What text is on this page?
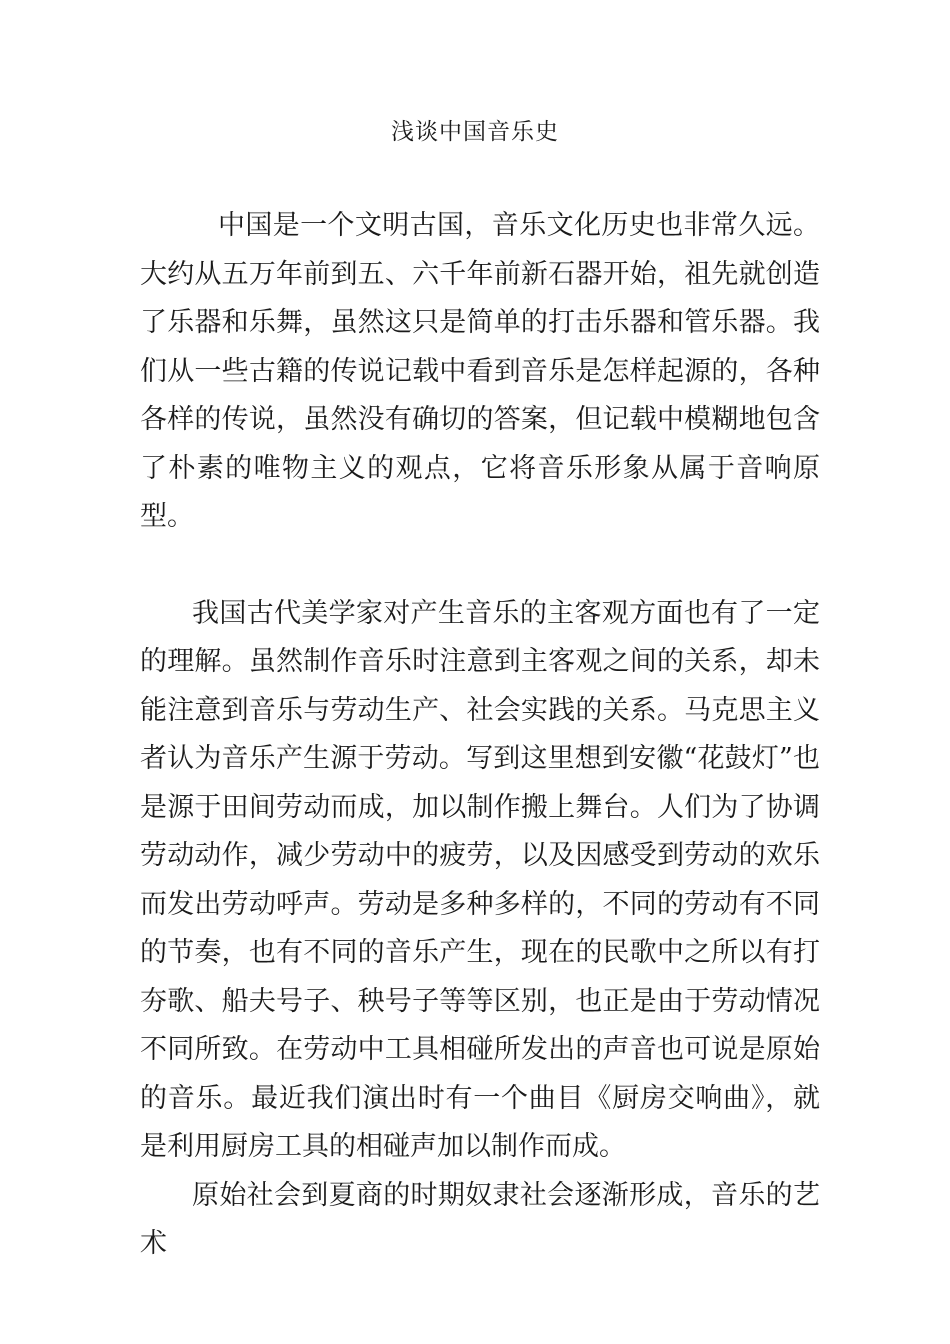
浅谈中国音乐史

中国是一个文明古国，音乐文化历史也非常久远。大约从五万年前到五、六千年前新石器开始，祖先就创造了乐器和乐舞，虽然这只是简单的打击乐器和管乐器。我们从一些古籍的传说记载中看到音乐是怎样起源的，各种各样的传说，虽然没有确切的答案，但记载中模糊地包含了朴素的唯物主义的观点，它将音乐形象从属于音响原型。

我国古代美学家对产生音乐的主客观方面也有了一定的理解。虽然制作音乐时注意到主客观之间的关系，却未能注意到音乐与劳动生产、社会实践的关系。马克思主义者认为音乐产生源于劳动。写到这里想到安徽“花鼓灯”也是源于田间劳动而成，加以制作搬上舞台。人们为了协调劳动动作，减少劳动中的疲劳，以及因感受到劳动的欢乐而发出劳动呼声。劳动是多种多样的，不同的劳动有不同的节奏，也有不同的音乐产生，现在的民歌中之所以有打夯歌、船夫号子、秧号子等等区别，也正是由于劳动情况不同所致。在劳动中工具相碰所发出的声音也可说是原始的音乐。最近我们演出时有一个曲目《厨房交响曲》，就是利用厨房工具的相碰声加以制作而成。

原始社会到夏商的时期奴隶社会逐渐形成，音乐的艺术
